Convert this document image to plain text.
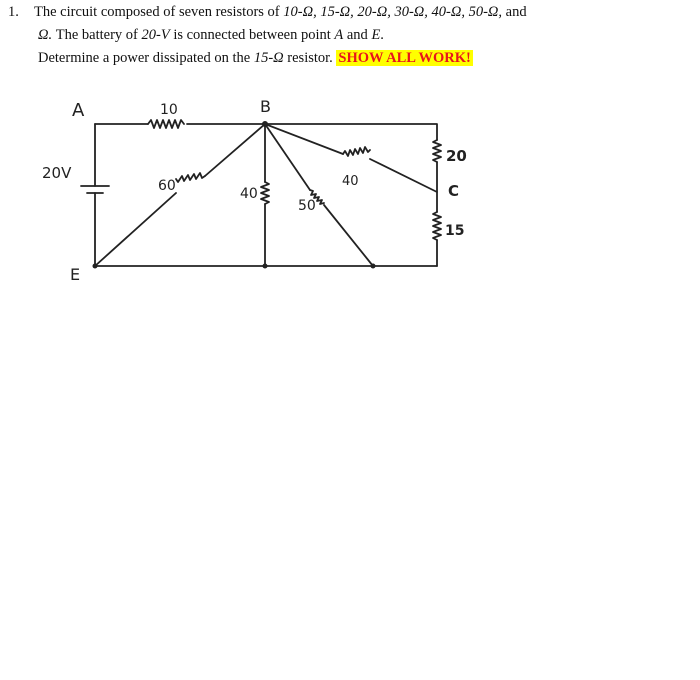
1. The circuit composed of seven resistors of 10-Ω, 15-Ω, 20-Ω, 30-Ω, 40-Ω, 50-Ω, and
Ω. The battery of 20-V is connected between point A and E.
Determine a power dissipated on the 15-Ω resistor. SHOW ALL WORK!
A	B
C
E
20V
10
60	40
50
40
20
15
